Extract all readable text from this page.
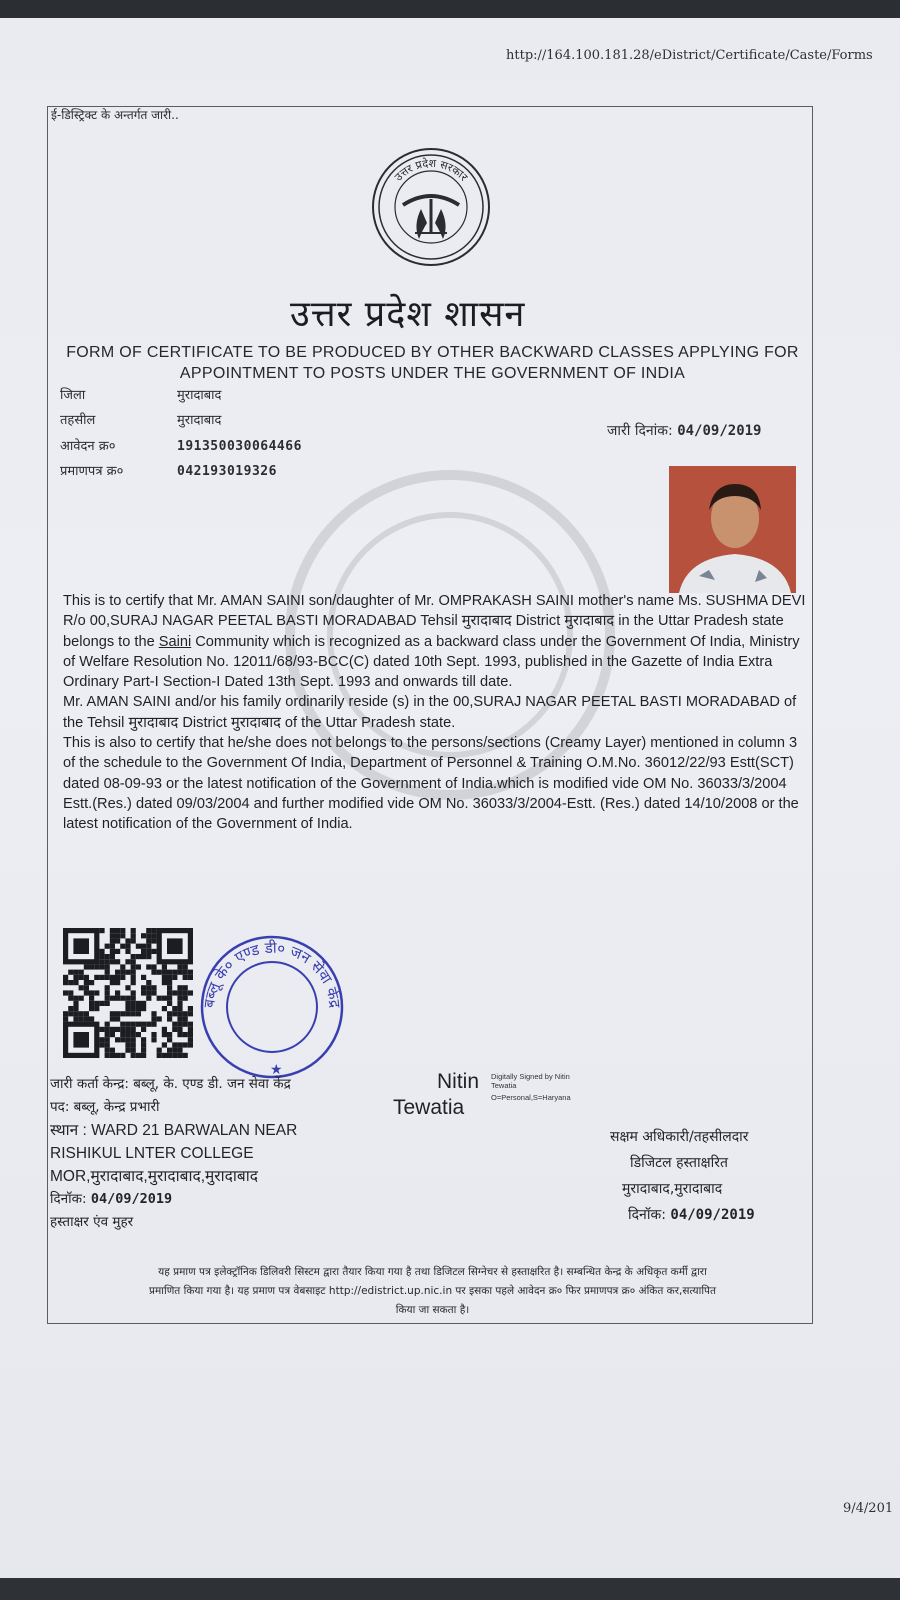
http://164.100.181.28/eDistrict/Certificate/Caste/Forms
ई-डिस्ट्रिक्ट के अन्तर्गत जारी..
उत्तर प्रदेश सरकार
उत्तर प्रदेश शासन
FORM OF CERTIFICATE TO BE PRODUCED BY OTHER BACKWARD CLASSES APPLYING FOR APPOINTMENT TO POSTS UNDER THE GOVERNMENT OF INDIA
जिला	मुरादाबाद
तहसील	मुरादाबाद
आवेदन क्र०	191350030064466
प्रमाणपत्र क्र०	042193019326
जारी दिनांक: 04/09/2019

This is to certify that Mr. AMAN SAINI son/daughter of Mr. OMPRAKASH SAINI mother's name Ms. SUSHMA DEVI R/o 00,SURAJ NAGAR PEETAL BASTI MORADABAD Tehsil मुरादाबाद District मुरादाबाद in the Uttar Pradesh state belongs to the Saini Community which is recognized as a backward class under the Government Of India, Ministry of Welfare Resolution No. 12011/68/93-BCC(C) dated 10th Sept. 1993, published in the Gazette of India Extra Ordinary Part-I Section-I Dated 13th Sept. 1993 and onwards till date.

Mr. AMAN SAINI and/or his family ordinarily reside (s) in the 00,SURAJ NAGAR PEETAL BASTI MORADABAD of the Tehsil मुरादाबाद District मुरादाबाद of the Uttar Pradesh state.

This is also to certify that he/she does not belongs to the persons/sections (Creamy Layer) mentioned in column 3 of the schedule to the Government Of India, Department of Personnel & Training O.M.No. 36012/22/93 Estt(SCT) dated 08-09-93 or the latest notification of the Government of India.which is modified vide OM No. 36033/3/2004 Estt.(Res.) dated 09/03/2004 and further modified vide OM No. 36033/3/2004-Estt. (Res.) dated 14/10/2008 or the latest notification of the Government of India.

बब्लू के० एण्ड डी० जन सेवा केंद्र
★
जारी कर्ता केन्द्र: बब्लू, के. एण्ड डी. जन सेवा केंद्र
पद: बब्लू, केन्द्र प्रभारी
स्थान : WARD 21 BARWALAN NEAR
RISHIKUL LNTER COLLEGE
MOR,मुरादाबाद,मुरादाबाद,मुरादाबाद
दिनॉक: 04/09/2019
हस्ताक्षर एंव मुहर
Nitin
Tewatia
Digitally Signed by Nitin
Tewatia
O=Personal,S=Haryana
सक्षम अधिकारी/तहसीलदार
डिजिटल हस्ताक्षरित
मुरादाबाद,मुरादाबाद
दिनॉक: 04/09/2019
यह प्रमाण पत्र इलेक्ट्रॉनिक डिलिवरी सिस्टम द्वारा तैयार किया गया है तथा डिजिटल सिग्नेचर से हस्ताक्षरित है। सम्बन्धित केन्द्र के अधिकृत कर्मी द्वारा
प्रमाणित किया गया है। यह प्रमाण पत्र वेबसाइट http://edistrict.up.nic.in पर इसका पहले आवेदन क्र० फिर प्रमाणपत्र क्र० अंकित कर,सत्यापित
किया जा सकता है।
9/4/201
